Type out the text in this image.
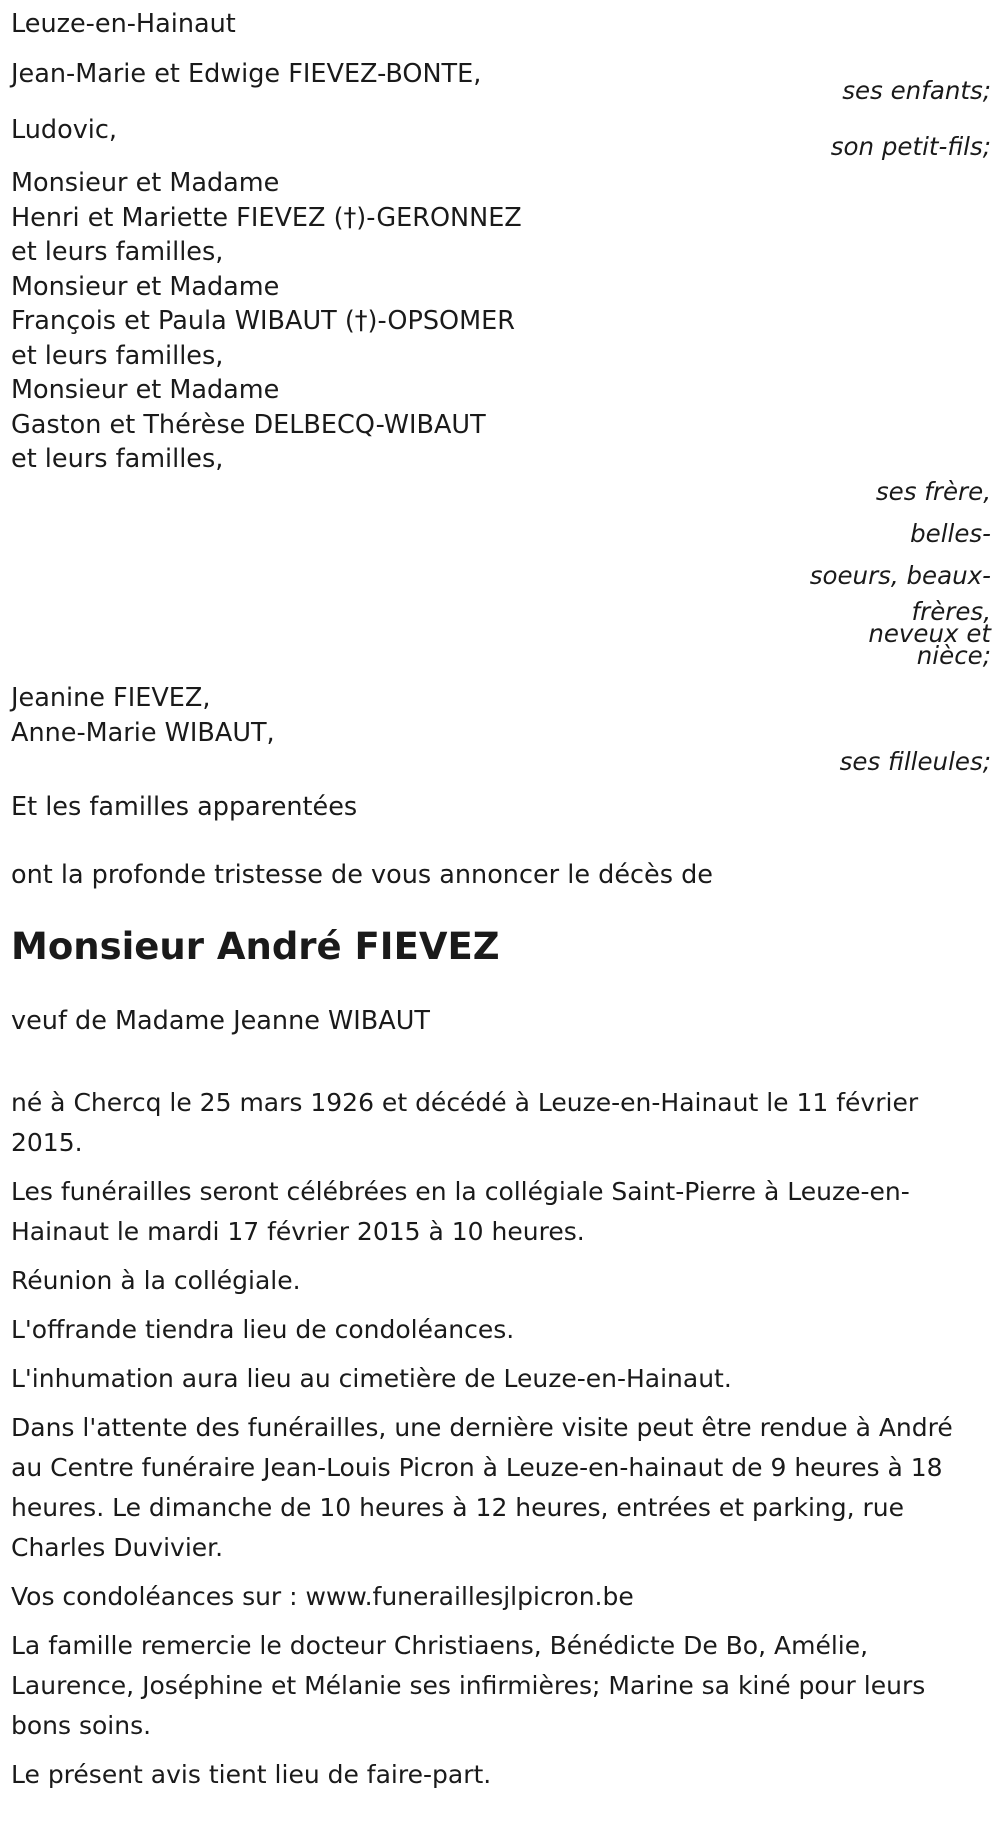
Leuze-en-Hainaut
Jean-Marie et Edwige FIEVEZ-BONTE,
ses enfants;
Ludovic,
son petit-fils;
Monsieur et Madame
Henri et Mariette FIEVEZ (†)-GERONNEZ
et leurs familles,
Monsieur et Madame
François et Paula WIBAUT (†)-OPSOMER
et leurs familles,
Monsieur et Madame
Gaston et Thérèse DELBECQ-WIBAUT
et leurs familles,
ses frère, belles-
soeurs, beaux-
frères,
neveux et nièce;
Jeanine FIEVEZ,
Anne-Marie WIBAUT,
ses filleules;
Et les familles apparentées
ont la profonde tristesse de vous annoncer le décès de
Monsieur André FIEVEZ
veuf de Madame Jeanne WIBAUT

né à Chercq le 25 mars 1926 et décédé à Leuze-en-Hainaut le 11 février 2015.

Les funérailles seront célébrées en la collégiale Saint-Pierre à Leuze-en-Hainaut le mardi 17 février 2015 à 10 heures.

Réunion à la collégiale.

L'offrande tiendra lieu de condoléances.

L'inhumation aura lieu au cimetière de Leuze-en-Hainaut.

Dans l'attente des funérailles, une dernière visite peut être rendue à André au Centre funéraire Jean-Louis Picron à Leuze-en-hainaut de 9 heures à 18 heures. Le dimanche de 10 heures à 12 heures, entrées et parking, rue Charles Duvivier.

Vos condoléances sur : www.funeraillesjlpicron.be

La famille remercie le docteur Christiaens, Bénédicte De Bo, Amélie, Laurence, Joséphine et Mélanie ses infirmières; Marine sa kiné pour leurs bons soins.

Le présent avis tient lieu de faire-part.
